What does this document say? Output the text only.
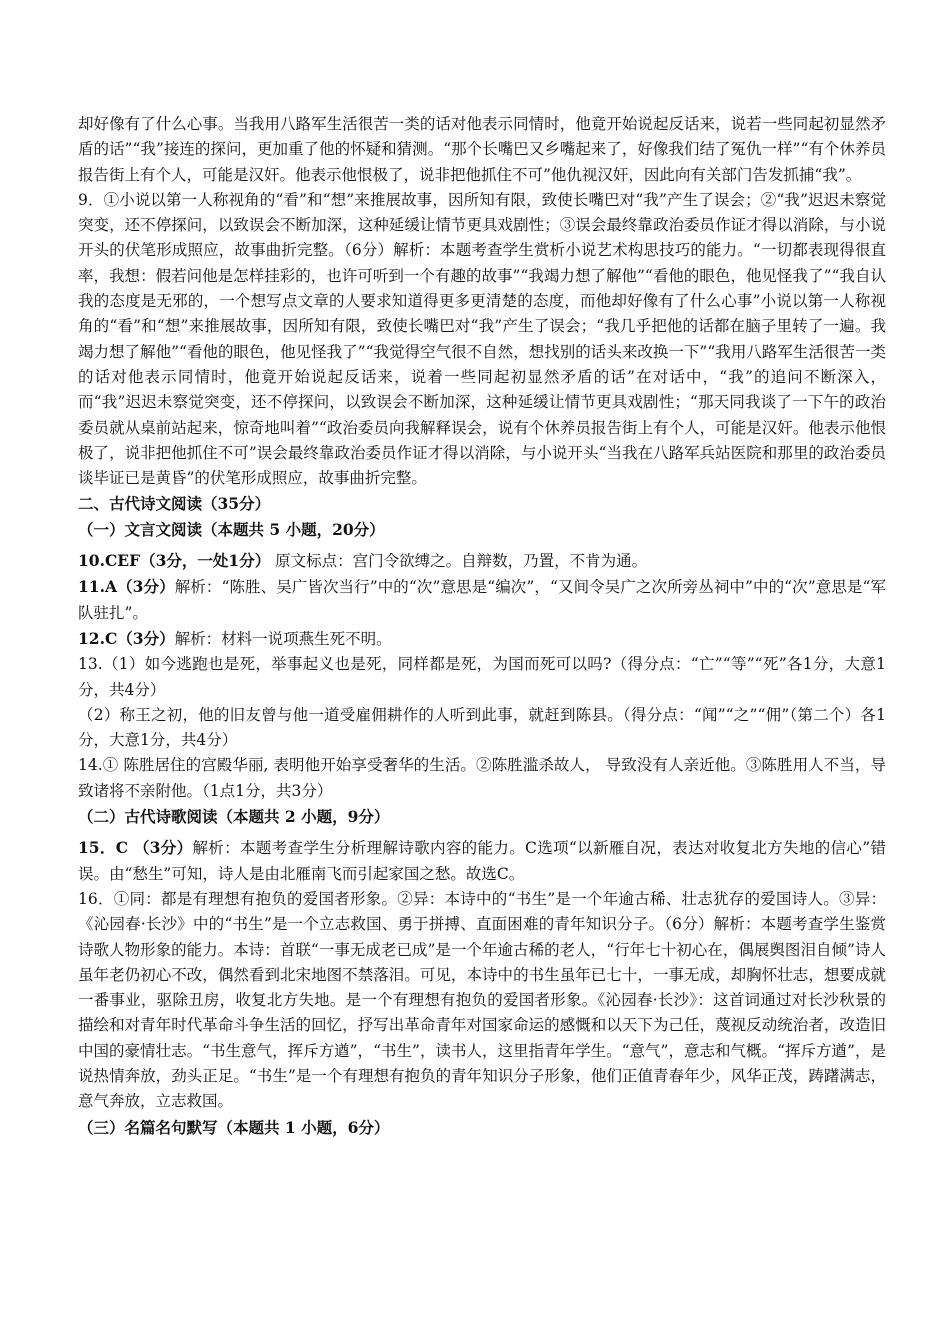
却好像有了什么心事。当我用八路军生活很苦一类的话对他表示同情时，他竟开始说起反话来，说若一些同起初显然矛盾的话”“我”接连的探问，更加重了他的怀疑和猜测。“那个长嘴巴又乡嘴起来了，好像我们结了冤仇一样”“有个休养员报告街上有个人，可能是汉奸。他表示他恨极了，说非把他抓住不可”他仇视汉奸，因此向有关部门告发抓捕“我”。

9．①小说以第一人称视角的“看”和“想”来推展故事，因所知有限，致使长嘴巴对“我”产生了误会；②“我”迟迟未察觉突变，还不停探问，以致误会不断加深，这种延缓让情节更具戏剧性；③误会最终靠政治委员作证才得以消除，与小说开头的伏笔形成照应，故事曲折完整。（6分）解析：本题考查学生赏析小说艺术构思技巧的能力。“一切都表现得很直率，我想：假若问他是怎样挂彩的，也许可听到一个有趣的故事”“我竭力想了解他”“看他的眼色，他见怪我了”“我自认我的态度是无邪的，一个想写点文章的人要求知道得更多更清楚的态度，而他却好像有了什么心事”小说以第一人称视角的“看”和“想”来推展故事，因所知有限，致使长嘴巴对“我”产生了误会；“我几乎把他的话都在脑子里转了一遍。我竭力想了解他”“看他的眼色，他见怪我了”“我觉得空气很不自然，想找别的话头来改换一下”“我用八路军生活很苦一类的话对他表示同情时，他竟开始说起反话来，说着一些同起初显然矛盾的话”在对话中，“我”的追问不断深入，而“我”迟迟未察觉突变，还不停探问，以致误会不断加深，这种延缓让情节更具戏剧性；“那天同我谈了一下午的政治委员就从桌前站起来，惊奇地叫着”“政治委员向我解释误会，说有个休养员报告街上有个人，可能是汉奸。他表示他恨极了，说非把他抓住不可”误会最终靠政治委员作证才得以消除，与小说开头“当我在八路军兵站医院和那里的政治委员谈毕证已是黄昏”的伏笔形成照应，故事曲折完整。

二、古代诗文阅读（35分）

（一）文言文阅读（本题共 5 小题，20分）

10.CEF（3分，一处1分） 原文标点：宫门令欲缚之。自辩数，乃置，不肯为通。

11.A（3分）解析：“陈胜、吴广皆次当行”中的“次”意思是“编次”，“又间令吴广之次所旁丛祠中”中的“次”意思是“军队驻扎”。

12.C（3分）解析：材料一说项燕生死不明。

13.（1）如今逃跑也是死，举事起义也是死，同样都是死，为国而死可以吗?（得分点：“亡”“等”“死”各1分，大意1分，共4分）

（2）称王之初，他的旧友曾与他一道受雇佣耕作的人听到此事，就赶到陈县。（得分点：“闻”“之”“佣”（第二个）各1分，大意1分，共4分）

14.① 陈胜居住的宫殿华丽, 表明他开始享受奢华的生活。②陈胜滥杀故人， 导致没有人亲近他。③陈胜用人不当，导致诸将不亲附他。（1点1分，共3分）

（二）古代诗歌阅读（本题共 2 小题，9分）

15．C （3分）解析：本题考查学生分析理解诗歌内容的能力。C选项“以新雁自况，表达对收复北方失地的信心”错误。由“愁生”可知，诗人是由北雁南飞而引起家国之愁。故选C。

16．①同：都是有理想有抱负的爱国者形象。②异：本诗中的“书生”是一个年逾古稀、壮志犹存的爱国诗人。③异：《沁园春·长沙》中的“书生”是一个立志救国、勇于拼搏、直面困难的青年知识分子。（6分）解析：本题考查学生鉴赏诗歌人物形象的能力。本诗：首联“一事无成老已成”是一个年逾古稀的老人，“行年七十初心在，偶展舆图泪自倾”诗人虽年老仍初心不改，偶然看到北宋地图不禁落泪。可见，本诗中的书生虽年已七十，一事无成，却胸怀壮志，想要成就一番事业，驱除丑房，收复北方失地。是一个有理想有抱负的爱国者形象。《沁园春·长沙》：这首词通过对长沙秋景的描绘和对青年时代革命斗争生活的回忆，抒写出革命青年对国家命运的感慨和以天下为己任，蔑视反动统治者，改造旧中国的豪情壮志。“书生意气，挥斥方遒”，“书生”，读书人，这里指青年学生。“意气”，意志和气概。“挥斥方遒”，是说热情奔放，劲头正足。“书生”是一个有理想有抱负的青年知识分子形象，他们正值青春年少，风华正茂，踌躇满志，意气奔放，立志救国。

（三）名篇名句默写（本题共 1 小题，6分）
